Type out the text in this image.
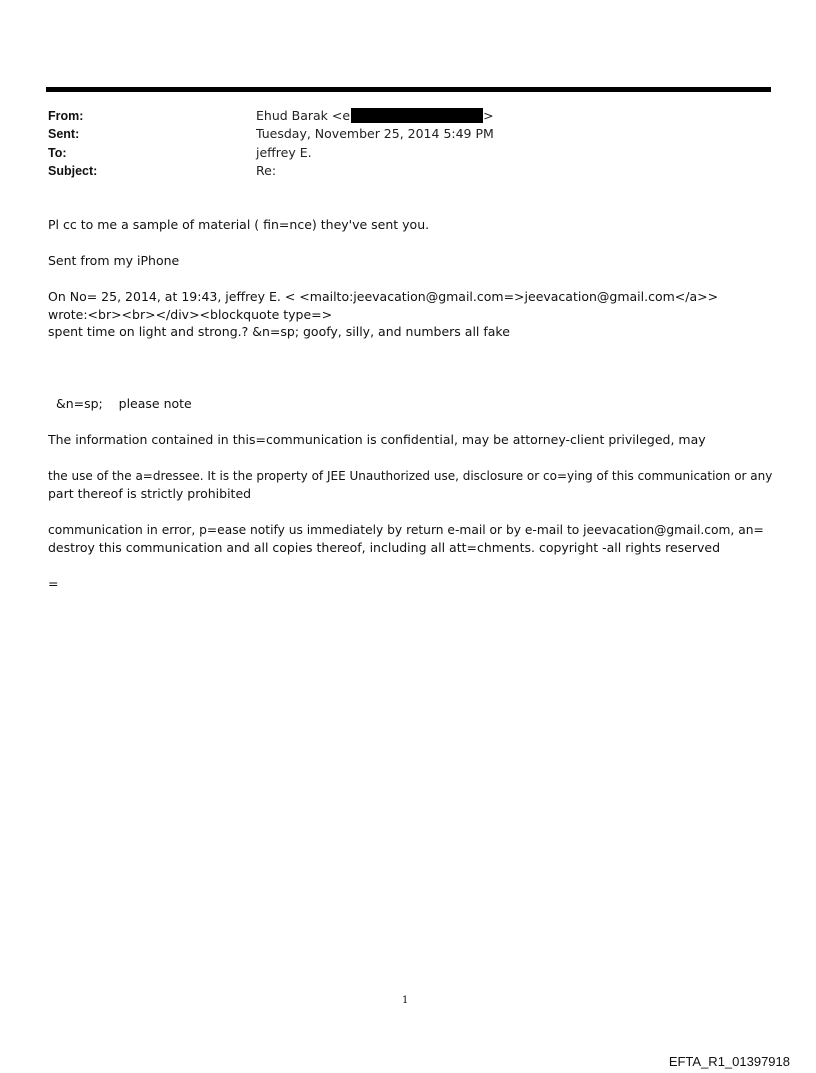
From:	Ehud Barak <e	>
Sent:	Tuesday, November 25, 2014 5:49 PM
To:	jeffrey E.
Subject:	Re:
Pl cc to me a sample of material ( fin=nce) they've sent you.
Sent from my iPhone
On No= 25, 2014, at 19:43, jeffrey E. < <mailto:jeevacation@gmail.com=>jeevacation@gmail.com</a>>
wrote:<br><br></div><blockquote type=>
spent time on light and strong.? &n=sp; goofy, silly, and numbers all fake
&n=sp;    please note
The information contained in this=communication is confidential, may be attorney-client privileged, may
the use of the a=dressee. It is the property of JEE Unauthorized use, disclosure or co=ying of this communication or any
part thereof is strictly prohibited
communication in error, p=ease notify us immediately by return e-mail or by e-mail to jeevacation@gmail.com, an=
destroy this communication and all copies thereof, including all att=chments. copyright -all rights reserved
=
1
EFTA_R1_01397918
